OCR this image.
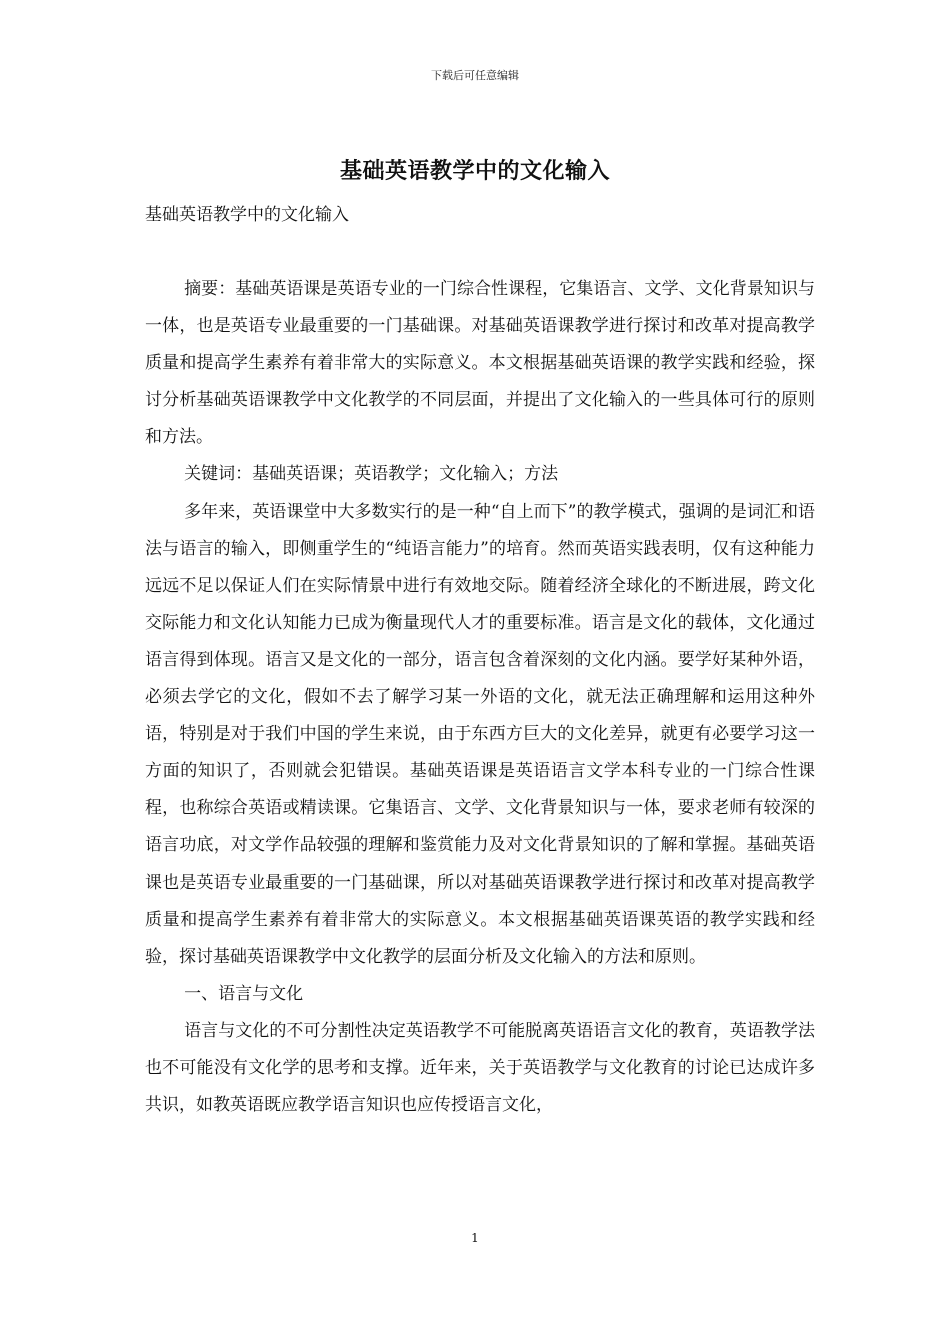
下载后可任意编辑
基础英语教学中的文化输入
基础英语教学中的文化输入

摘要：基础英语课是英语专业的一门综合性课程，它集语言、文学、文化背景知识与一体，也是英语专业最重要的一门基础课。对基础英语课教学进行探讨和改革对提高教学质量和提高学生素养有着非常大的实际意义。本文根据基础英语课的教学实践和经验，探讨分析基础英语课教学中文化教学的不同层面，并提出了文化输入的一些具体可行的原则和方法。

关键词：基础英语课；英语教学；文化输入；方法

多年来，英语课堂中大多数实行的是一种“自上而下”的教学模式，强调的是词汇和语法与语言的输入，即侧重学生的“纯语言能力”的培育。然而英语实践表明，仅有这种能力远远不足以保证人们在实际情景中进行有效地交际。随着经济全球化的不断进展，跨文化交际能力和文化认知能力已成为衡量现代人才的重要标准。语言是文化的载体，文化通过语言得到体现。语言又是文化的一部分，语言包含着深刻的文化内涵。要学好某种外语，必须去学它的文化，假如不去了解学习某一外语的文化，就无法正确理解和运用这种外语，特别是对于我们中国的学生来说，由于东西方巨大的文化差异，就更有必要学习这一方面的知识了，否则就会犯错误。基础英语课是英语语言文学本科专业的一门综合性课程，也称综合英语或精读课。它集语言、文学、文化背景知识与一体，要求老师有较深的语言功底，对文学作品较强的理解和鉴赏能力及对文化背景知识的了解和掌握。基础英语课也是英语专业最重要的一门基础课，所以对基础英语课教学进行探讨和改革对提高教学质量和提高学生素养有着非常大的实际意义。本文根据基础英语课英语的教学实践和经验，探讨基础英语课教学中文化教学的层面分析及文化输入的方法和原则。

一、语言与文化

语言与文化的不可分割性决定英语教学不可能脱离英语语言文化的教育，英语教学法也不可能没有文化学的思考和支撑。近年来，关于英语教学与文化教育的讨论已达成许多共识，如教英语既应教学语言知识也应传授语言文化，

1
